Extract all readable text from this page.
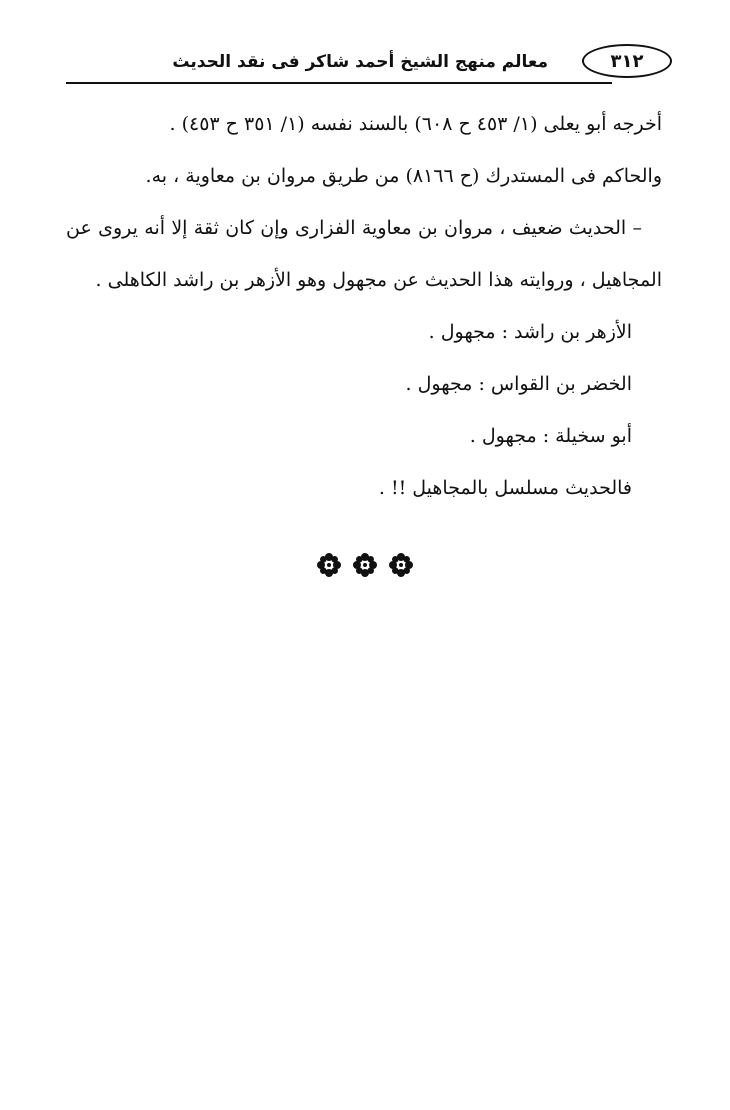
٣١٢
معالم منهج الشيخ أحمد شاكر فى نقد الحديث

أخرجه أبو يعلى (١/ ٤٥٣ ح ٦٠٨) بالسند نفسه (١/ ٣٥١ ح ٤٥٣) .

والحاكم فى المستدرك (ح ٨١٦٦) من طريق مروان بن معاوية ، به.

– الحديث ضعيف ، مروان بن معاوية الفزارى وإن كان ثقة إلا أنه يروى عن المجاهيل ، وروايته هذا الحديث عن مجهول وهو الأزهر بن راشد الكاهلى .

الأزهر بن راشد : مجهول .

الخضر بن القواس : مجهول .

أبو سخيلة : مجهول .

فالحديث مسلسل بالمجاهيل !! .
